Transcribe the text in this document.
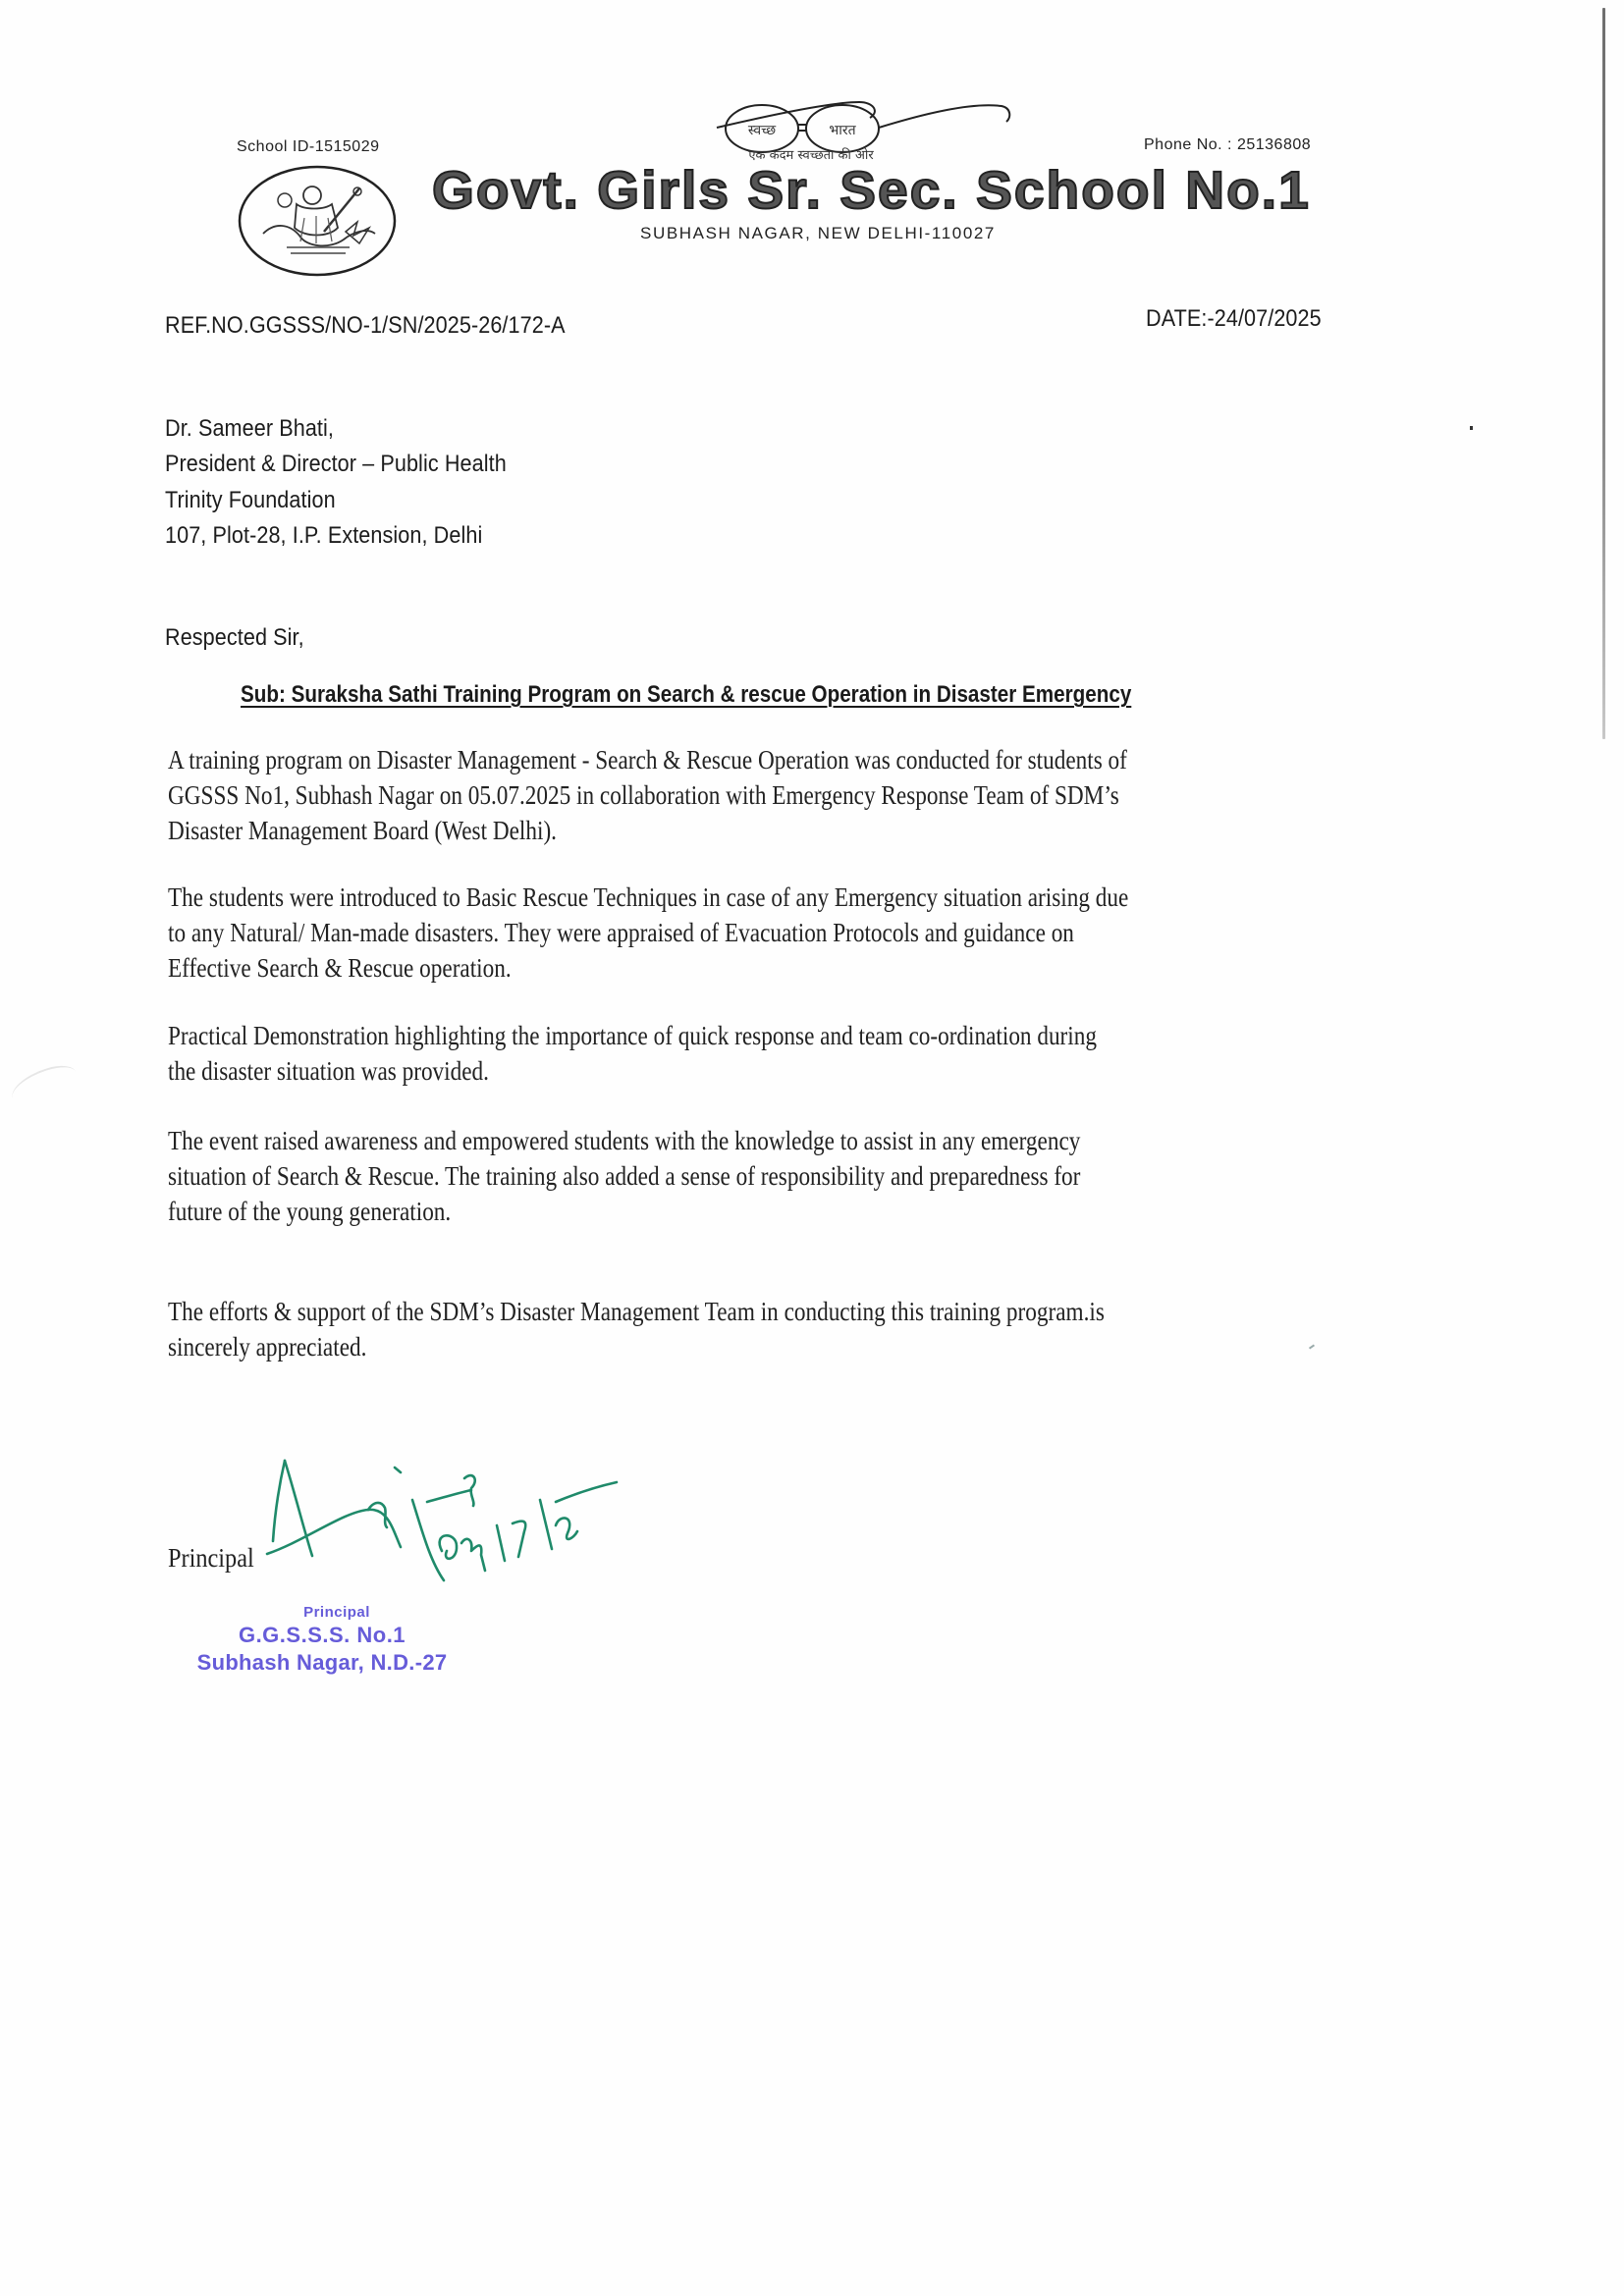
School ID-1515029	Phone No. : 25136808
स्वच्छ	भारत
एक कदम स्वच्छता की ओर
Govt. Girls Sr. Sec. School No.1
SUBHASH NAGAR, NEW DELHI-110027
REF.NO.GGSSS/NO-1/SN/2025-26/172-A	DATE:-24/07/2025
Dr. Sameer Bhati,
President & Director – Public Health
Trinity Foundation
107, Plot-28, I.P. Extension, Delhi
Respected Sir,
Sub: Suraksha Sathi Training Program on Search & rescue Operation in Disaster Emergency
A training program on Disaster Management - Search & Rescue Operation was conducted for students of
GGSSS No1, Subhash Nagar on 05.07.2025 in collaboration with Emergency Response Team of SDM’s
Disaster Management Board (West Delhi).
The students were introduced to Basic Rescue Techniques in case of any Emergency situation arising due
to any Natural/ Man-made disasters. They were appraised of Evacuation Protocols and guidance on
Effective Search & Rescue operation.
Practical Demonstration highlighting the importance of quick response and team co-ordination during
the disaster situation was provided.
The event raised awareness and empowered students with the knowledge to assist in any emergency
situation of Search & Rescue. The training also added a sense of responsibility and preparedness for
future of the young generation.
The efforts & support of the SDM’s Disaster Management Team in conducting this training program.is
sincerely appreciated.
Principal
Principal
G.G.S.S.S. No.1
Subhash Nagar, N.D.-27
